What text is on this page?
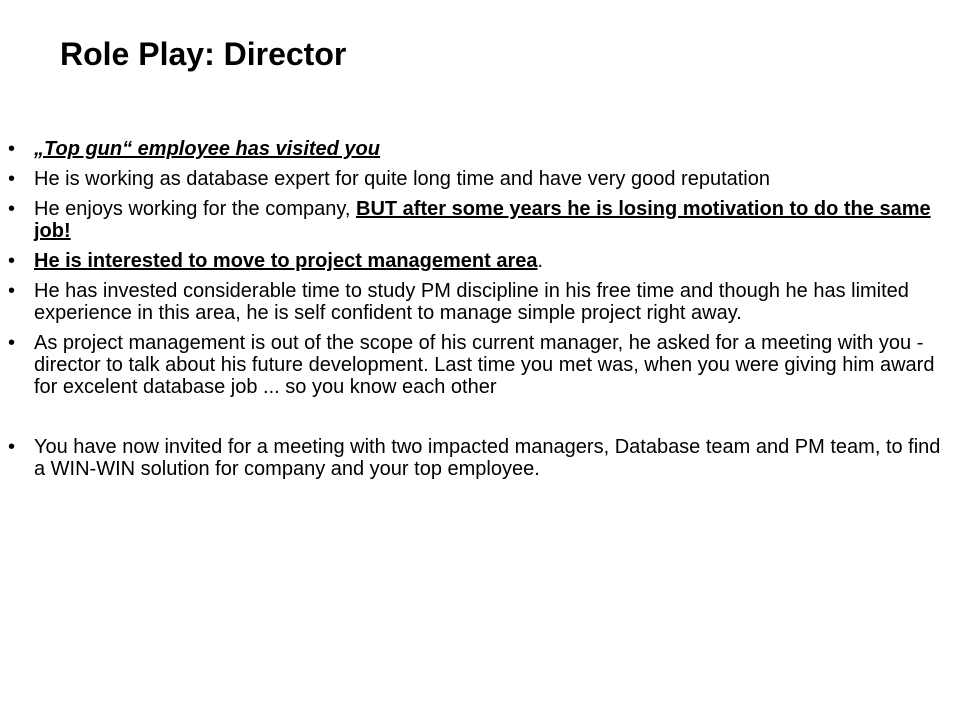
Role Play: Director
• „Top gun“ employee has visited you
• He is working as database expert for quite long time and have very good reputation
• He enjoys working for the company, BUT after some years he is losing motivation to do the same job!
• He is interested to move to project management area.
• He has invested considerable time to study PM discipline in his free time and though he has limited experience in this area, he is self confident to manage simple project right away.
• As project management is out of the scope of his current manager, he asked for a meeting with you - director to talk about his future development. Last time you met was, when you were giving him award for excelent database job ... so you know each other
• You have now invited for a meeting with two impacted managers, Database team and PM team, to find a WIN-WIN solution for company and your top employee.
